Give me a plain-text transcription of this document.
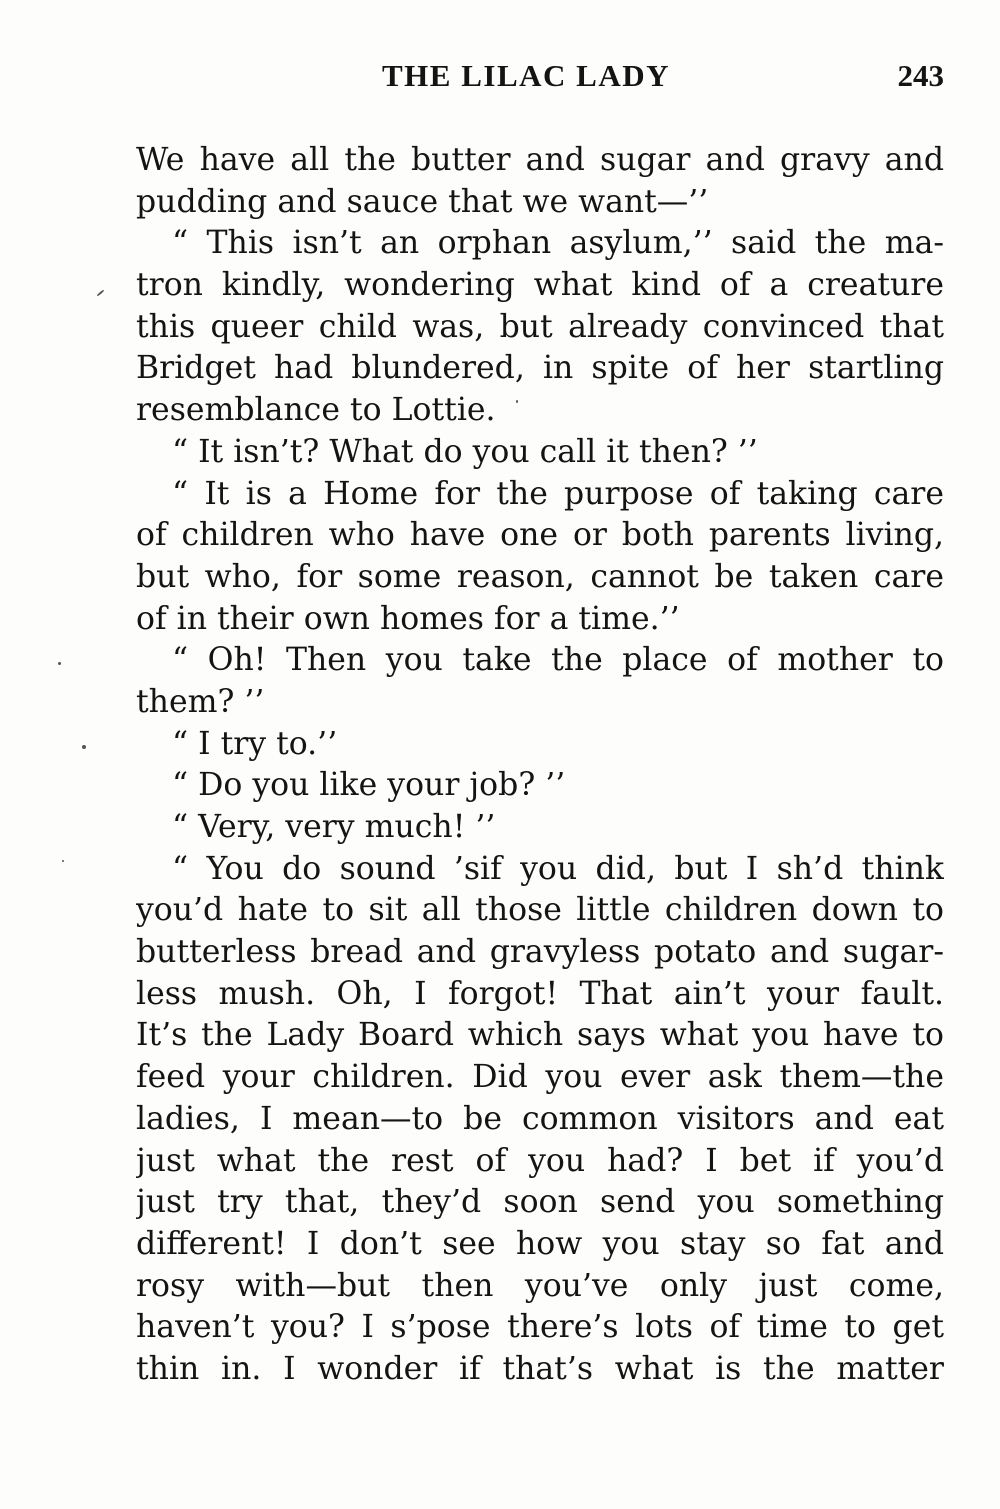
THE LILAC LADY	243
We have all the butter and sugar and gravy and
pudding and sauce that we want—’’
“ This isn’t an orphan asylum,’’ said the ma-
tron kindly, wondering what kind of a creature
this queer child was, but already convinced that
Bridget had blundered, in spite of her startling
resemblance to Lottie.
“ It isn’t? What do you call it then? ’’
“ It is a Home for the purpose of taking care
of children who have one or both parents living,
but who, for some reason, cannot be taken care
of in their own homes for a time.’’
“ Oh! Then you take the place of mother to
them? ’’
“ I try to.’’
“ Do you like your job? ’’
“ Very, very much! ’’
“ You do sound ’sif you did, but I sh’d think
you’d hate to sit all those little children down to
butterless bread and gravyless potato and sugar-
less mush. Oh, I forgot! That ain’t your fault.
It’s the Lady Board which says what you have to
feed your children. Did you ever ask them—the
ladies, I mean—to be common visitors and eat
just what the rest of you had? I bet if you’d
just try that, they’d soon send you something
different! I don’t see how you stay so fat and
rosy with—but then you’ve only just come,
haven’t you? I s’pose there’s lots of time to get
thin in. I wonder if that’s what is the matter
